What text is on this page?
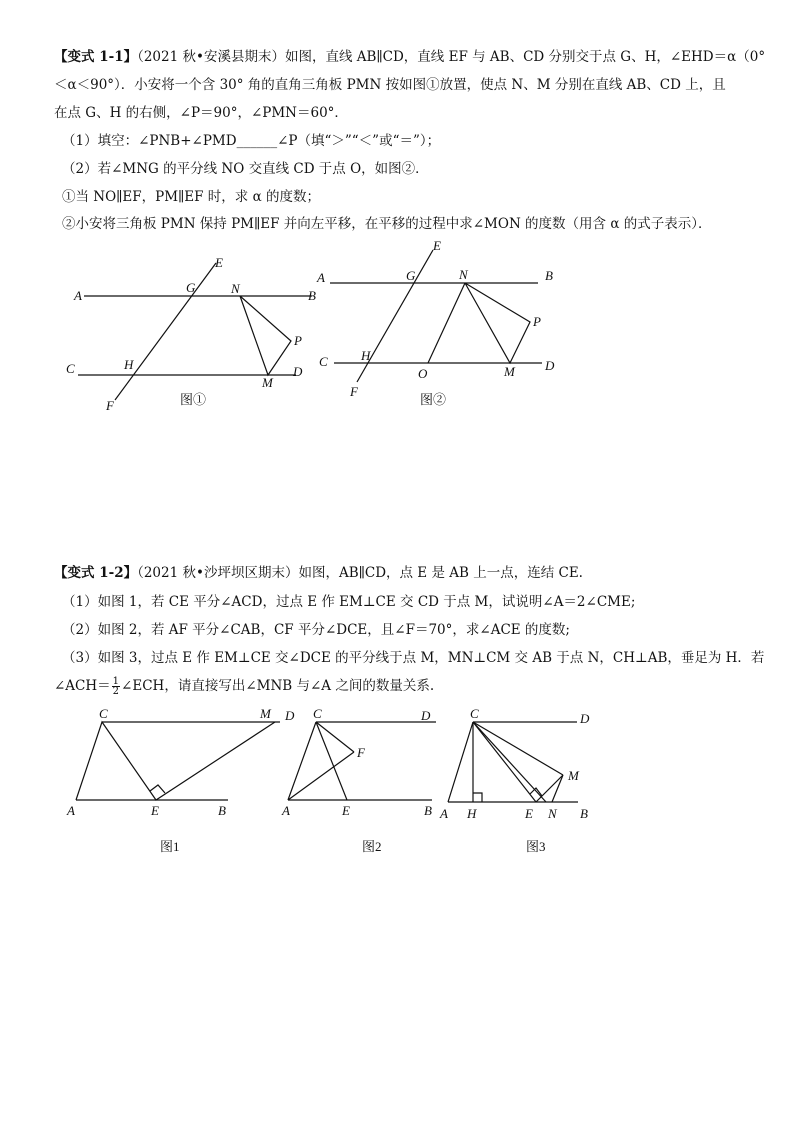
【变式 1-1】（2021 秋•安溪县期末）如图，直线 AB∥CD，直线 EF 与 AB、CD 分别交于点 G、H，∠EHD＝α（0°
＜α＜90°）．小安将一个含 30° 角的直角三角板 PMN 按如图①放置，使点 N、M 分别在直线 AB、CD 上，且
在点 G、H 的右侧，∠P＝90°，∠PMN＝60°．
（1）填空：∠PNB+∠PMD______∠P（填“＞”“＜”或“＝”）；
（2）若∠MNG 的平分线 NO 交直线 CD 于点 O，如图②．
①当 NO∥EF，PM∥EF 时，求 α 的度数；
②小安将三角板 PMN 保持 PM∥EF 并向左平移，在平移的过程中求∠MON 的度数（用含 α 的式子表示）．
A	B
C	D
E
F
G
H
N
M
P
图①
A	B
C	D
E
F
G
H
N
M
P
O
图②
A	B
C	D
E
M
图1
A	B
C	D
E
F
图2
A	B
C	D
E
H	N
M
图3
【变式 1-2】（2021 秋•沙坪坝区期末）如图，AB∥CD，点 E 是 AB 上一点，连结 CE.
（1）如图 1，若 CE 平分∠ACD，过点 E 作 EM⊥CE 交 CD 于点 M，试说明∠A＝2∠CME;
（2）如图 2，若 AF 平分∠CAB，CF 平分∠DCE，且∠F＝70°，求∠ACE 的度数;
（3）如图 3，过点 E 作 EM⊥CE 交∠DCE 的平分线于点 M，MN⊥CM 交 AB 于点 N，CH⊥AB，垂足为 H．若
∠ACH＝ $\frac{1}{2}$ ∠ECH，请直接写出∠MNB 与∠A 之间的数量关系.
